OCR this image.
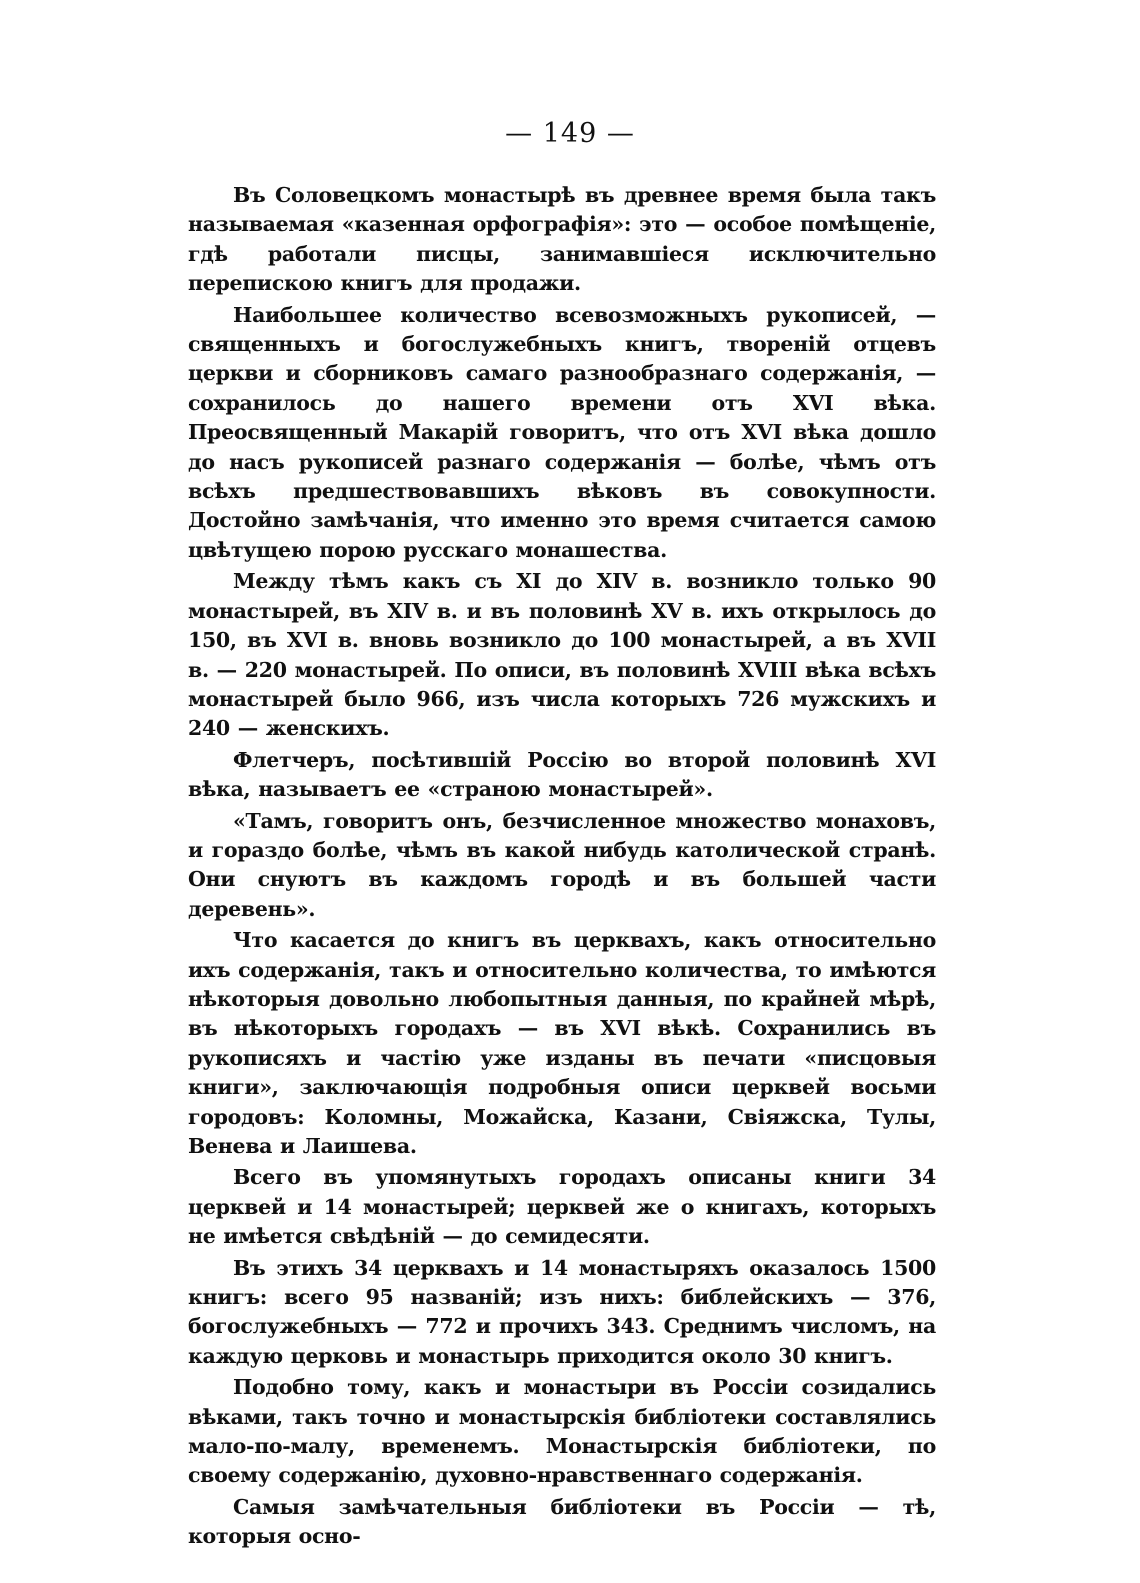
— 149 —

Въ Соловецкомъ монастырѣ въ древнее время была такъ называемая «казенная орфографія»: это — особое помѣщеніе, гдѣ работали писцы, занимавшіеся исключительно перепискою книгъ для продажи.

Наибольшее количество всевозможныхъ рукописей, — священныхъ и богослужебныхъ книгъ, твореній отцевъ церкви и сборниковъ самаго разнообразнаго содержанія, — сохранилось до нашего времени отъ XVI вѣка. Преосвященный Макарій говоритъ, что отъ XVI вѣка дошло до насъ рукописей разнаго содержанія — болѣе, чѣмъ отъ всѣхъ предшествовавшихъ вѣковъ въ совокупности. Достойно замѣчанія, что именно это время считается самою цвѣтущею порою русскаго монашества.

Между тѣмъ какъ съ XI до XIV в. возникло только 90 монастырей, въ XIV в. и въ половинѣ XV в. ихъ открылось до 150, въ XVI в. вновь возникло до 100 монастырей, а въ XVII в. — 220 монастырей. По описи, въ половинѣ XVIII вѣка всѣхъ монастырей было 966, изъ числа которыхъ 726 мужскихъ и 240 — женскихъ.

Флетчеръ, посѣтившій Россію во второй половинѣ XVI вѣка, называетъ ее «страною монастырей».

«Тамъ, говоритъ онъ, безчисленное множество монаховъ, и гораздо болѣе, чѣмъ въ какой нибудь католической странѣ. Они снуютъ въ каждомъ городѣ и въ большей части деревень».

Что касается до книгъ въ церквахъ, какъ относительно ихъ содержанія, такъ и относительно количества, то имѣются нѣкоторыя довольно любопытныя данныя, по крайней мѣрѣ, въ нѣкоторыхъ городахъ — въ XVI вѣкѣ. Сохранились въ рукописяхъ и частію уже изданы въ печати «писцовыя книги», заключающія подробныя описи церквей восьми городовъ: Коломны, Можайска, Казани, Свіяжска, Тулы, Венева и Лаишева.

Всего въ упомянутыхъ городахъ описаны книги 34 церквей и 14 монастырей; церквей же о книгахъ, которыхъ не имѣется свѣдѣній — до семидесяти.

Въ этихъ 34 церквахъ и 14 монастыряхъ оказалось 1500 книгъ: всего 95 названій; изъ нихъ: библейскихъ — 376, богослужебныхъ — 772 и прочихъ 343. Среднимъ числомъ, на каждую церковь и монастырь приходится около 30 книгъ.

Подобно тому, какъ и монастыри въ Россіи созидались вѣками, такъ точно и монастырскія библіотеки составлялись мало-по-малу, временемъ. Монастырскія библіотеки, по своему содержанію, духовно-нравственнаго содержанія.

Самыя замѣчательныя библіотеки въ Россіи — тѣ, которыя осно-
